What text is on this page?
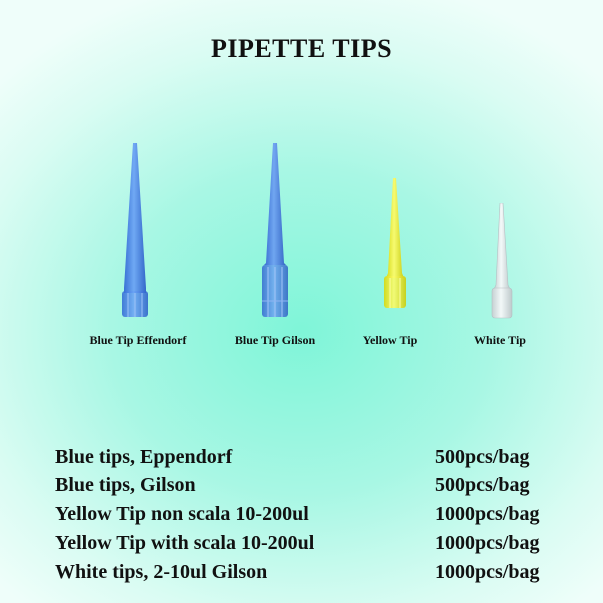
PIPETTE TIPS
Blue Tip Effendorf	Blue Tip Gilson	Yellow Tip	White Tip
Blue tips, Eppendorf	500pcs/bag
Blue tips, Gilson	500pcs/bag
Yellow Tip non scala 10-200ul	1000pcs/bag
Yellow Tip with scala 10-200ul	1000pcs/bag
White tips, 2-10ul Gilson	1000pcs/bag
